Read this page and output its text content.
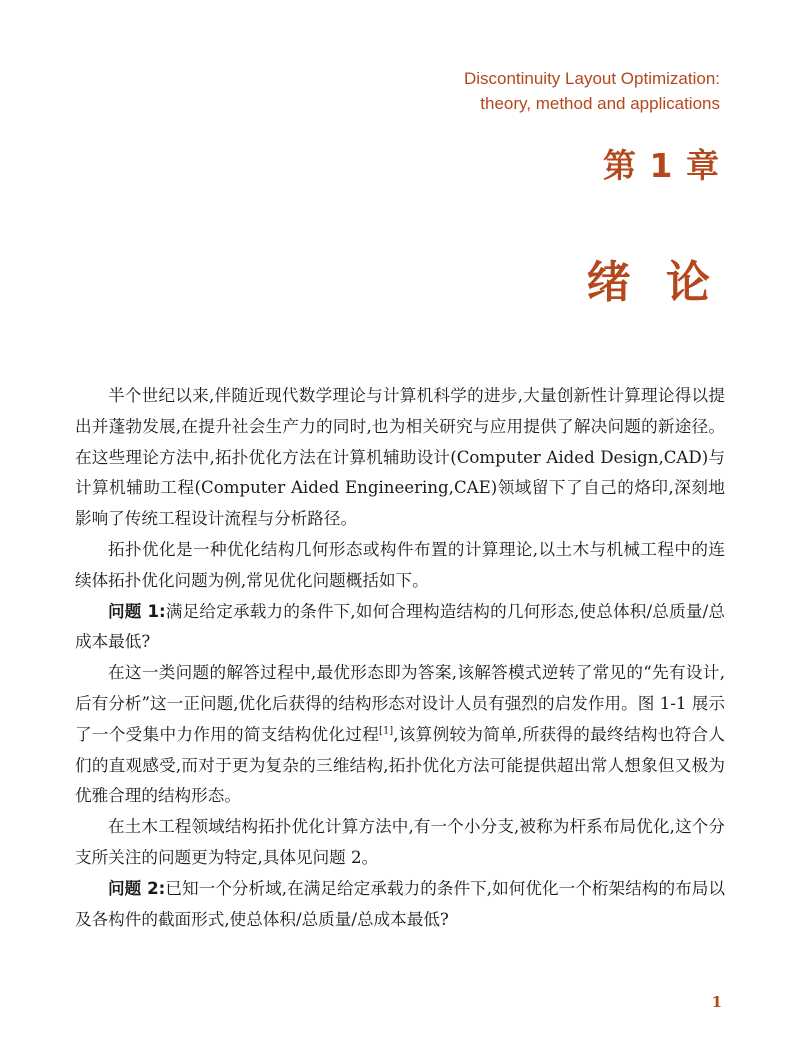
Discontinuity Layout Optimization:
theory, method and applications
第 1 章
绪 论

半个世纪以来,伴随近现代数学理论与计算机科学的进步,大量创新性计算理论得以提出并蓬勃发展,在提升社会生产力的同时,也为相关研究与应用提供了解决问题的新途径。在这些理论方法中,拓扑优化方法在计算机辅助设计(Computer Aided Design,CAD)与计算机辅助工程(Computer Aided Engineering,CAE)领域留下了自己的烙印,深刻地影响了传统工程设计流程与分析路径。

拓扑优化是一种优化结构几何形态或构件布置的计算理论,以土木与机械工程中的连续体拓扑优化问题为例,常见优化问题概括如下。

问题 1:满足给定承载力的条件下,如何合理构造结构的几何形态,使总体积/总质量/总成本最低?

在这一类问题的解答过程中,最优形态即为答案,该解答模式逆转了常见的“先有设计,后有分析”这一正问题,优化后获得的结构形态对设计人员有强烈的启发作用。图 1-1 展示了一个受集中力作用的简支结构优化过程[1],该算例较为简单,所获得的最终结构也符合人们的直观感受,而对于更为复杂的三维结构,拓扑优化方法可能提供超出常人想象但又极为优雅合理的结构形态。

在土木工程领域结构拓扑优化计算方法中,有一个小分支,被称为杆系布局优化,这个分支所关注的问题更为特定,具体见问题 2。

问题 2:已知一个分析域,在满足给定承载力的条件下,如何优化一个桁架结构的布局以及各构件的截面形式,使总体积/总质量/总成本最低?

1
